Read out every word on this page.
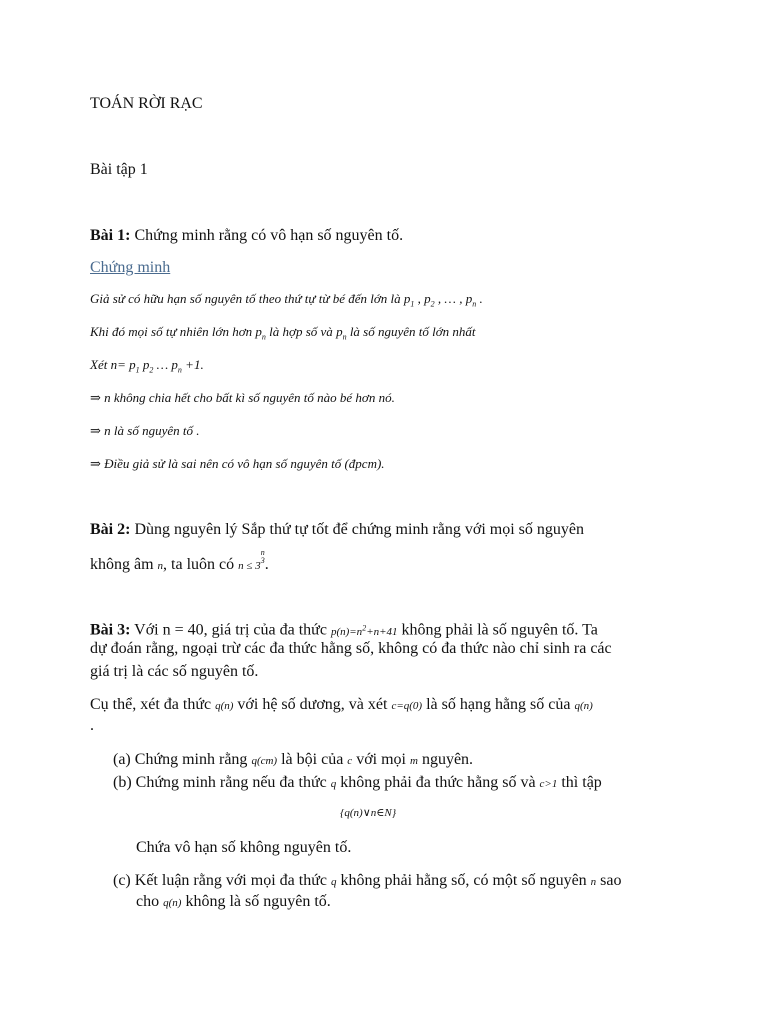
TOÁN RỜI RẠC
Bài tập 1
Bài 1: Chứng minh rằng có vô hạn số nguyên tố.
Chứng minh
Giả sử có hữu hạn số nguyên tố theo thứ tự từ bé đến lớn là $p_1$ , $p_2$ , … , $p_n$ .
Khi đó mọi số tự nhiên lớn hơn $p_n$ là hợp số và $p_n$ là số nguyên tố lớn nhất
Xét $n= p_1$ $p_2$ … $p_n +1$.
⇒ n không chia hết cho bất kì số nguyên tố nào bé hơn nó.
⇒ n là số nguyên tố .
⇒ Điều giả sử là sai nên có vô hạn số nguyên tố (đpcm).
Bài 2: Dùng nguyên lý Sắp thứ tự tốt để chứng minh rằng với mọi số nguyên
không âm n, ta luôn có n ≤ 3n
3.
Bài 3: Với n = 40, giá trị của đa thức $p(n)=n^2+n+41$ không phải là số nguyên tố. Ta
dự đoán rằng, ngoại trừ các đa thức hằng số, không có đa thức nào chỉ sinh ra các
giá trị là các số nguyên tố.
Cụ thể, xét đa thức q(n) với hệ số dương, và xét c=q(0) là số hạng hằng số của q(n)
.
(a) Chứng minh rằng q(cm) là bội của c với mọi m nguyên.
(b) Chứng minh rằng nếu đa thức q không phải đa thức hằng số và c>1 thì tập
{q(n)∨n∈N}
Chứa vô hạn số không nguyên tố.
(c) Kết luận rằng với mọi đa thức q không phải hằng số, có một số nguyên n sao
cho q(n) không là số nguyên tố.
